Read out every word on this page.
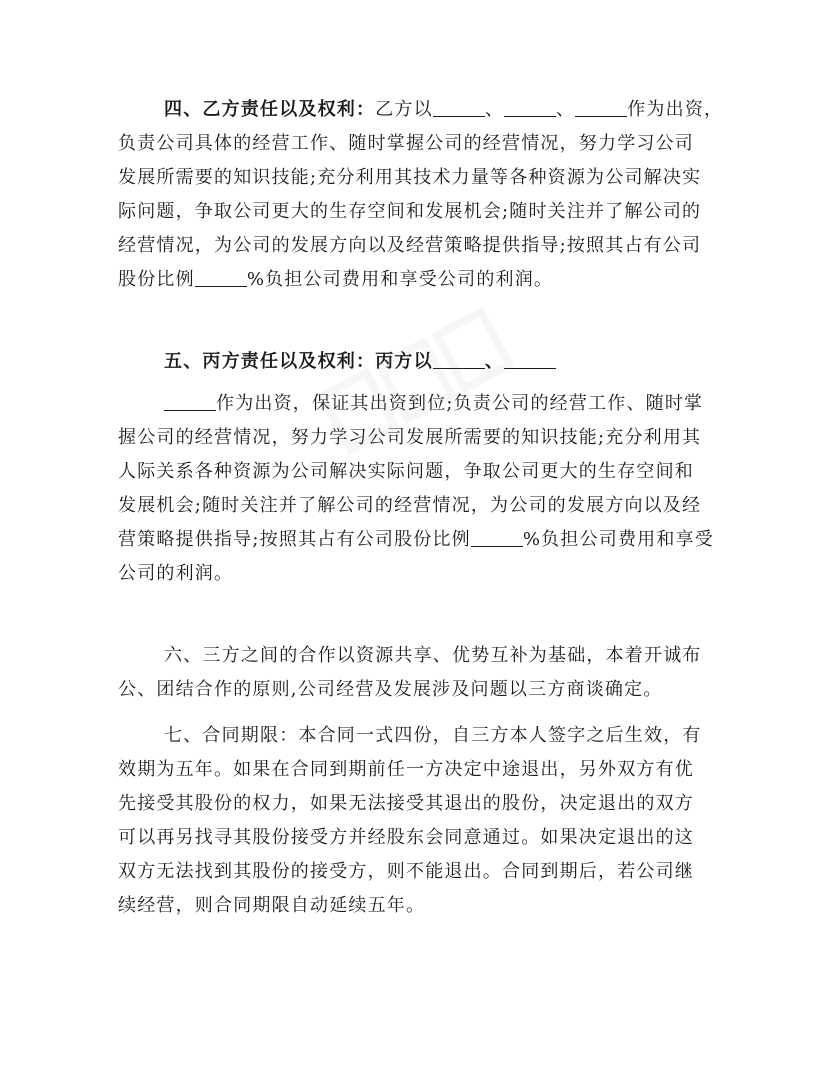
四、乙方责任以及权利：乙方以	、	、	作为出资，
负责公司具体的经营工作、随时掌握公司的经营情况，努力学习公司
发展所需要的知识技能;充分利用其技术力量等各种资源为公司解决实
际问题，争取公司更大的生存空间和发展机会;随时关注并了解公司的
经营情况，为公司的发展方向以及经营策略提供指导;按照其占有公司
股份比例	%负担公司费用和享受公司的利润。
五、丙方责任以及权利：丙方以	、
作为出资，保证其出资到位;负责公司的经营工作、随时掌
握公司的经营情况，努力学习公司发展所需要的知识技能;充分利用其
人际关系各种资源为公司解决实际问题，争取公司更大的生存空间和
发展机会;随时关注并了解公司的经营情况，为公司的发展方向以及经
营策略提供指导;按照其占有公司股份比例	%负担公司费用和享受
公司的利润。
六、三方之间的合作以资源共享、优势互补为基础，本着开诚布
公、团结合作的原则,公司经营及发展涉及问题以三方商谈确定。
七、合同期限：本合同一式四份，自三方本人签字之后生效，有
效期为五年。如果在合同到期前任一方决定中途退出，另外双方有优
先接受其股份的权力，如果无法接受其退出的股份，决定退出的双方
可以再另找寻其股份接受方并经股东会同意通过。如果决定退出的这
双方无法找到其股份的接受方，则不能退出。合同到期后，若公司继
续经营，则合同期限自动延续五年。
